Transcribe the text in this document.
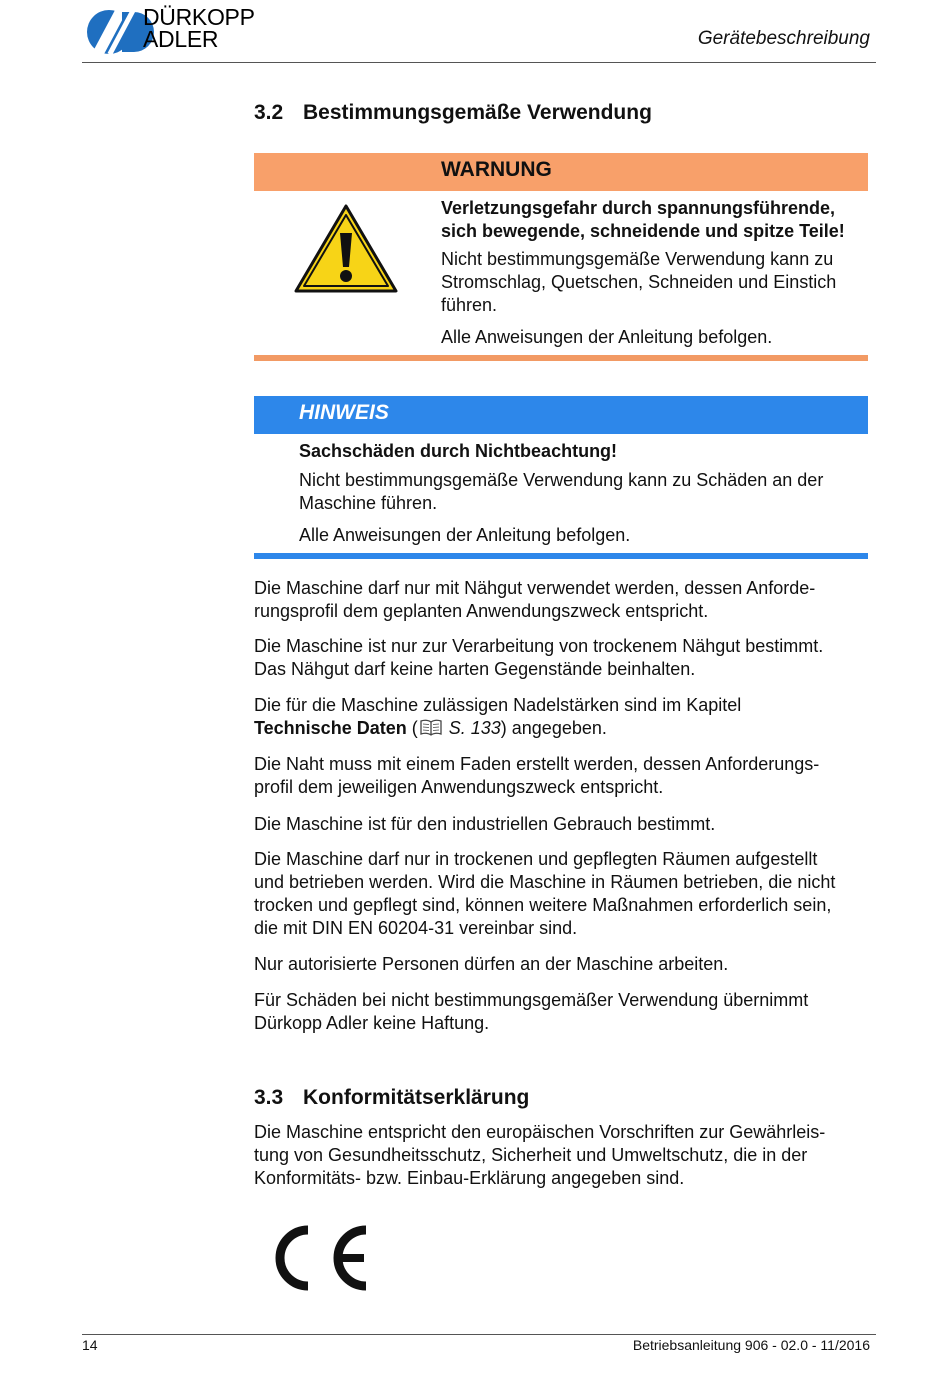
DÜRKOPP
ADLER	Gerätebeschreibung
3.2 Bestimmungsgemäße Verwendung
WARNUNG
Verletzungsgefahr durch spannungsführende,
sich bewegende, schneidende und spitze Teile!
Nicht bestimmungsgemäße Verwendung kann zu
Stromschlag, Quetschen, Schneiden und Einstich
führen.
Alle Anweisungen der Anleitung befolgen.
HINWEIS
Sachschäden durch Nichtbeachtung!
Nicht bestimmungsgemäße Verwendung kann zu Schäden an der
Maschine führen.
Alle Anweisungen der Anleitung befolgen.
Die Maschine darf nur mit Nähgut verwendet werden, dessen Anforde-
rungsprofil dem geplanten Anwendungszweck entspricht.
Die Maschine ist nur zur Verarbeitung von trockenem Nähgut bestimmt.
Das Nähgut darf keine harten Gegenstände beinhalten.
Die für die Maschine zulässigen Nadelstärken sind im Kapitel
Technische Daten ( S. 133) angegeben.
Die Naht muss mit einem Faden erstellt werden, dessen Anforderungs-
profil dem jeweiligen Anwendungszweck entspricht.
Die Maschine ist für den industriellen Gebrauch bestimmt.
Die Maschine darf nur in trockenen und gepflegten Räumen aufgestellt
und betrieben werden. Wird die Maschine in Räumen betrieben, die nicht
trocken und gepflegt sind, können weitere Maßnahmen erforderlich sein,
die mit DIN EN 60204-31 vereinbar sind.
Nur autorisierte Personen dürfen an der Maschine arbeiten.
Für Schäden bei nicht bestimmungsgemäßer Verwendung übernimmt
Dürkopp Adler keine Haftung.
3.3 Konformitätserklärung
Die Maschine entspricht den europäischen Vorschriften zur Gewährleis-
tung von Gesundheitsschutz, Sicherheit und Umweltschutz, die in der
Konformitäts- bzw. Einbau-Erklärung angegeben sind.
14	Betriebsanleitung 906 - 02.0 - 11/2016
